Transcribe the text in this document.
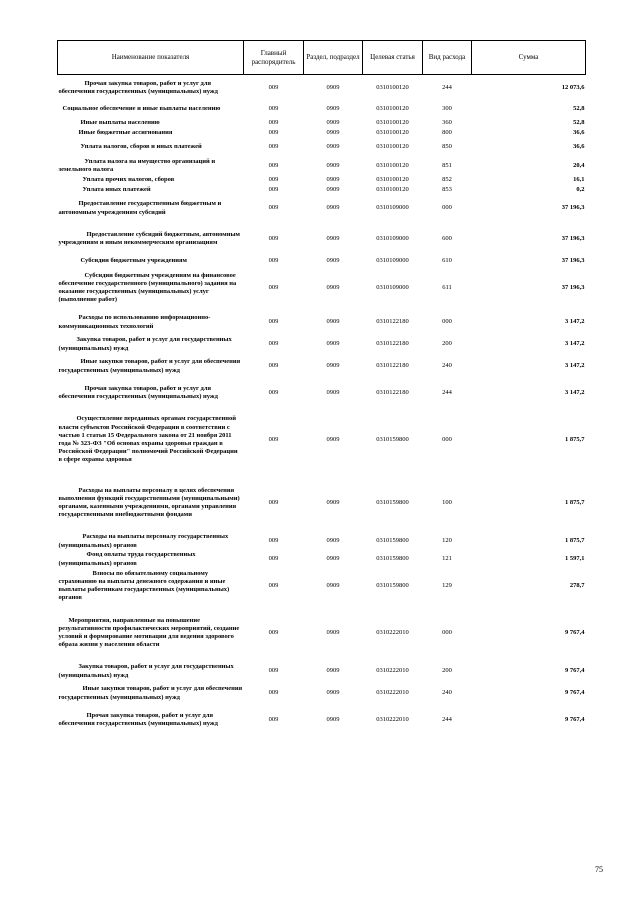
Наименование показателя	Главный распорядитель	Раздел, подраздел	Целевая статья	Вид расхода	Сумма
Прочая закупка товаров, работ и услуг для обеспечения государственных (муниципальных) нужд	009	0909	0310100120	244	12 073,6
Социальное обеспечение и иные выплаты населению	009	0909	0310100120	300	52,8
Иные выплаты населению	009	0909	0310100120	360	52,8
Иные бюджетные ассигнования	009	0909	0310100120	800	36,6
Уплата налогов, сборов и иных платежей	009	0909	0310100120	850	36,6
Уплата налога на имущество организаций и земельного налога	009	0909	0310100120	851	20,4
Уплата прочих налогов, сборов	009	0909	0310100120	852	16,1
Уплата иных платежей	009	0909	0310100120	853	0,2
Предоставление государственным бюджетным и автономным учреждениям субсидий	009	0909	0310109000	000	37 196,3
Предоставление субсидий бюджетным, автономным учреждениям и иным некоммерческим организациям	009	0909	0310109000	600	37 196,3
Субсидии бюджетным учреждениям	009	0909	0310109000	610	37 196,3
Субсидии бюджетным учреждениям на финансовое обеспечение государственного (муниципального) задания на оказание государственных (муниципальных) услуг (выполнение работ)	009	0909	0310109000	611	37 196,3
Расходы по использованию информационно-коммуникационных технологий	009	0909	0310122180	000	3 147,2
Закупка товаров, работ и услуг для государственных (муниципальных) нужд	009	0909	0310122180	200	3 147,2
Иные закупки товаров, работ и услуг для обеспечения государственных (муниципальных) нужд	009	0909	0310122180	240	3 147,2
Прочая закупка товаров, работ и услуг для обеспечения государственных (муниципальных) нужд	009	0909	0310122180	244	3 147,2
Осуществление переданных органам государственной власти субъектов Российской Федерации в соответствии с частью 1 статьи 15 Федерального закона от 21 ноября 2011 года № 323-ФЗ "Об основах охраны здоровья граждан в Российской Федерации" полномочий Российской Федерации в сфере охраны здоровья	009	0909	0310159800	000	1 875,7
Расходы на выплаты персоналу в целях обеспечения выполнения функций государственными (муниципальными) органами, казенными учреждениями, органами управления государственными внебюджетными фондами	009	0909	0310159800	100	1 875,7
Расходы на выплаты персоналу государственных (муниципальных) органов	009	0909	0310159800	120	1 875,7
Фонд оплаты труда государственных (муниципальных) органов	009	0909	0310159800	121	1 597,1
Взносы по обязательному социальному страхованию на выплаты денежного содержания и иные выплаты работникам государственных (муниципальных) органов	009	0909	0310159800	129	278,7
Мероприятия, направленные на повышение результативности профилактических мероприятий, создание условий и формирование мотивации для ведения здорового образа жизни у населения области	009	0909	0310222010	000	9 767,4
Закупка товаров, работ и услуг для государственных (муниципальных) нужд	009	0909	0310222010	200	9 767,4
Иные закупки товаров, работ и услуг для обеспечения государственных (муниципальных) нужд	009	0909	0310222010	240	9 767,4
Прочая закупка товаров, работ и услуг для обеспечения государственных (муниципальных) нужд	009	0909	0310222010	244	9 767,4
75
